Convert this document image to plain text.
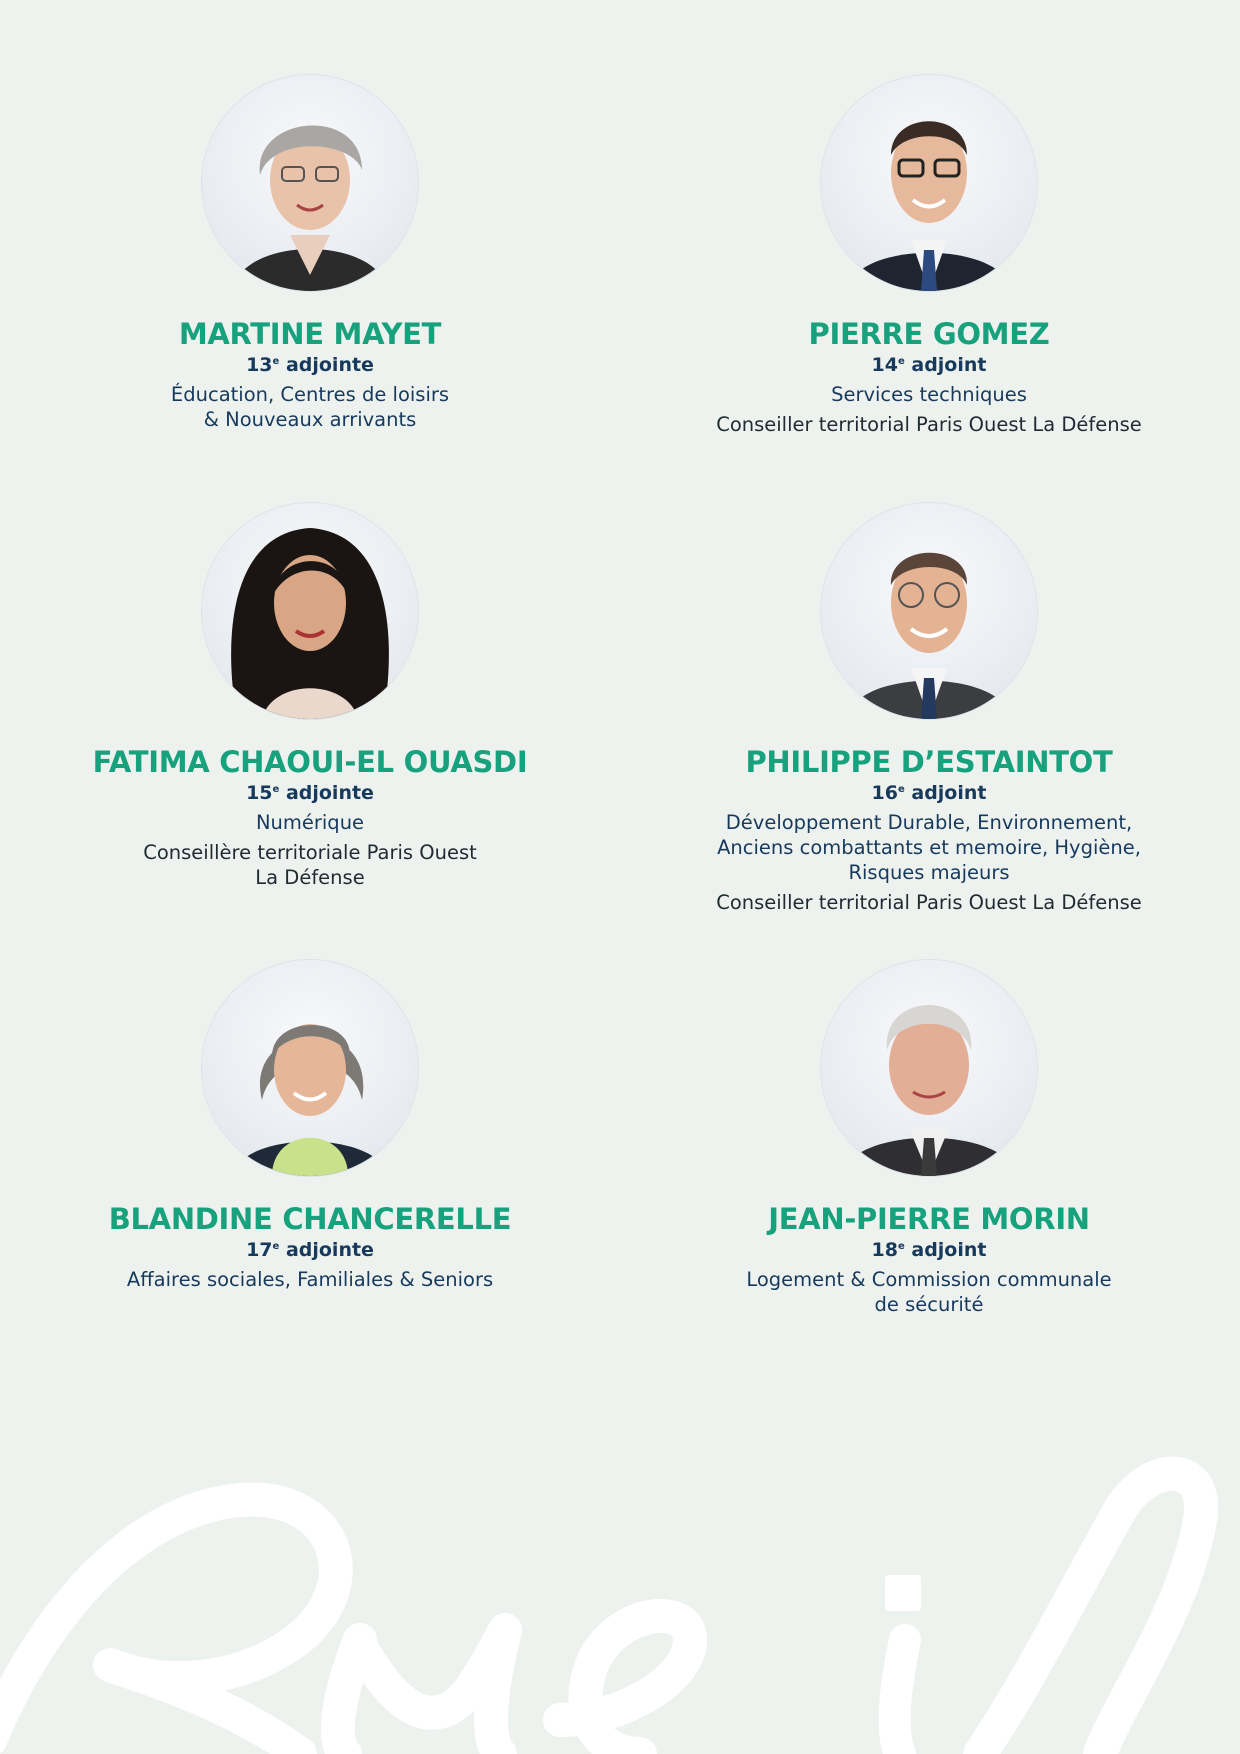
MARTINE MAYET
13e adjointe
Éducation, Centres de loisirs
& Nouveaux arrivants
PIERRE GOMEZ
14e adjoint
Services techniques
Conseiller territorial Paris Ouest La Défense
FATIMA CHAOUI-EL OUASDI
15e adjointe
Numérique
Conseillère territoriale Paris Ouest
La Défense
PHILIPPE D’ESTAINTOT
16e adjoint
Développement Durable, Environnement,
Anciens combattants et memoire, Hygiène,
Risques majeurs
Conseiller territorial Paris Ouest La Défense
BLANDINE CHANCERELLE
17e adjointe
Affaires sociales, Familiales & Seniors
JEAN-PIERRE MORIN
18e adjoint
Logement & Commission communale
de sécurité
